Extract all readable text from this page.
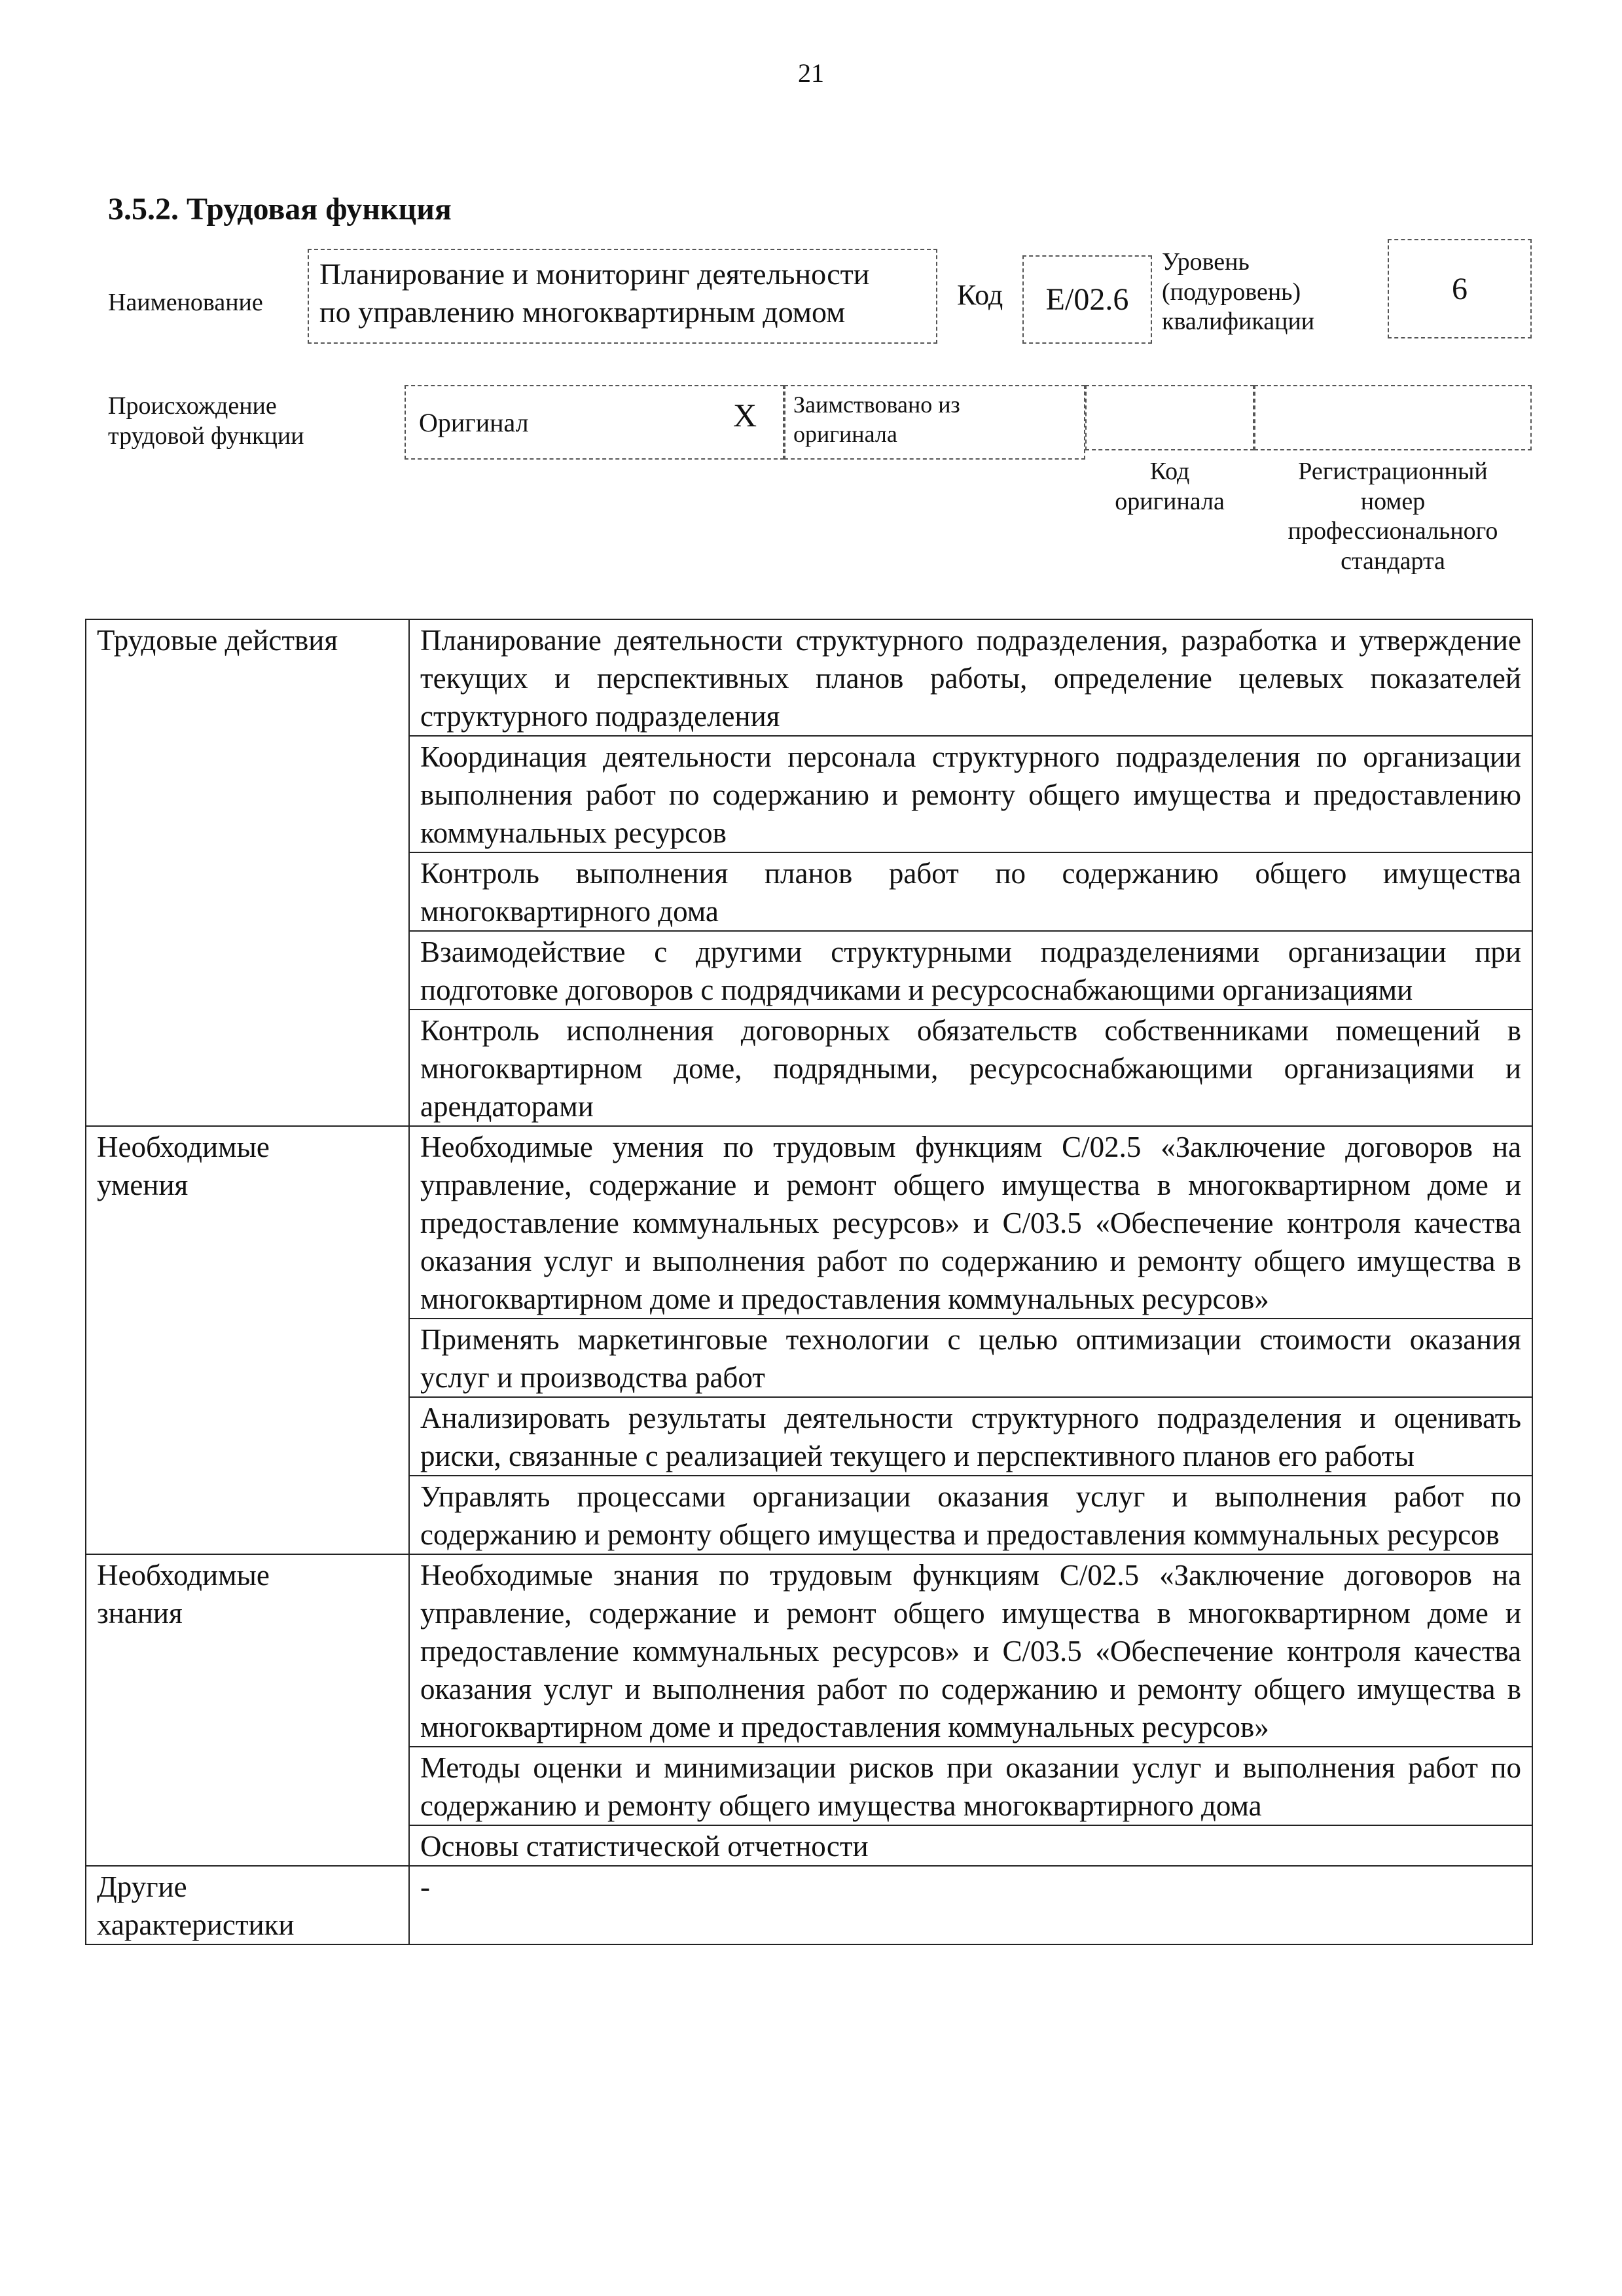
21
3.5.2. Трудовая функция
Наименование
Планирование и мониторинг деятельности
по управлению многоквартирным домом	Код E/02.6
Уровень
(подуровень)
квалификации
6
Происхождение
трудовой функции	Оригинал	X Заимствовано из
оригинала
Код
оригинала
Регистрационный
номер
профессионального
стандарта
Трудовые действия	Планирование деятельности структурного подразделения, разработка и утверждение текущих и перспективных планов работы, определение целевых показателей структурного подразделения
	Координация деятельности персонала структурного подразделения по организации выполнения работ по содержанию и ремонту общего имущества и предоставлению коммунальных ресурсов
	Контроль выполнения планов работ по содержанию общего имущества многоквартирного дома
	Взаимодействие с другими структурными подразделениями организации при подготовке договоров с подрядчиками и ресурсоснабжающими организациями
	Контроль исполнения договорных обязательств собственниками помещений в многоквартирном доме, подрядными, ресурсоснабжающими организациями и арендаторами

Необходимые
умения	Необходимые умения по трудовым функциям C/02.5 «Заключение договоров на управление, содержание и ремонт общего имущества в многоквартирном доме и предоставление коммунальных ресурсов» и C/03.5 «Обеспечение контроля качества оказания услуг и выполнения работ по содержанию и ремонту общего имущества в многоквартирном доме и предоставления коммунальных ресурсов»
	Применять маркетинговые технологии с целью оптимизации стоимости оказания услуг и производства работ
	Анализировать результаты деятельности структурного подразделения и оценивать риски, связанные с реализацией текущего и перспективного планов его работы
	Управлять процессами организации оказания услуг и выполнения работ по содержанию и ремонту общего имущества и предоставления коммунальных ресурсов

Необходимые
знания	Необходимые знания по трудовым функциям C/02.5 «Заключение договоров на управление, содержание и ремонт общего имущества в многоквартирном доме и предоставление коммунальных ресурсов» и C/03.5 «Обеспечение контроля качества оказания услуг и выполнения работ по содержанию и ремонту общего имущества в многоквартирном доме и предоставления коммунальных ресурсов»
	Методы оценки и минимизации рисков при оказании услуг и выполнения работ по содержанию и ремонту общего имущества многоквартирного дома
	Основы статистической отчетности

Другие
характеристики	-
